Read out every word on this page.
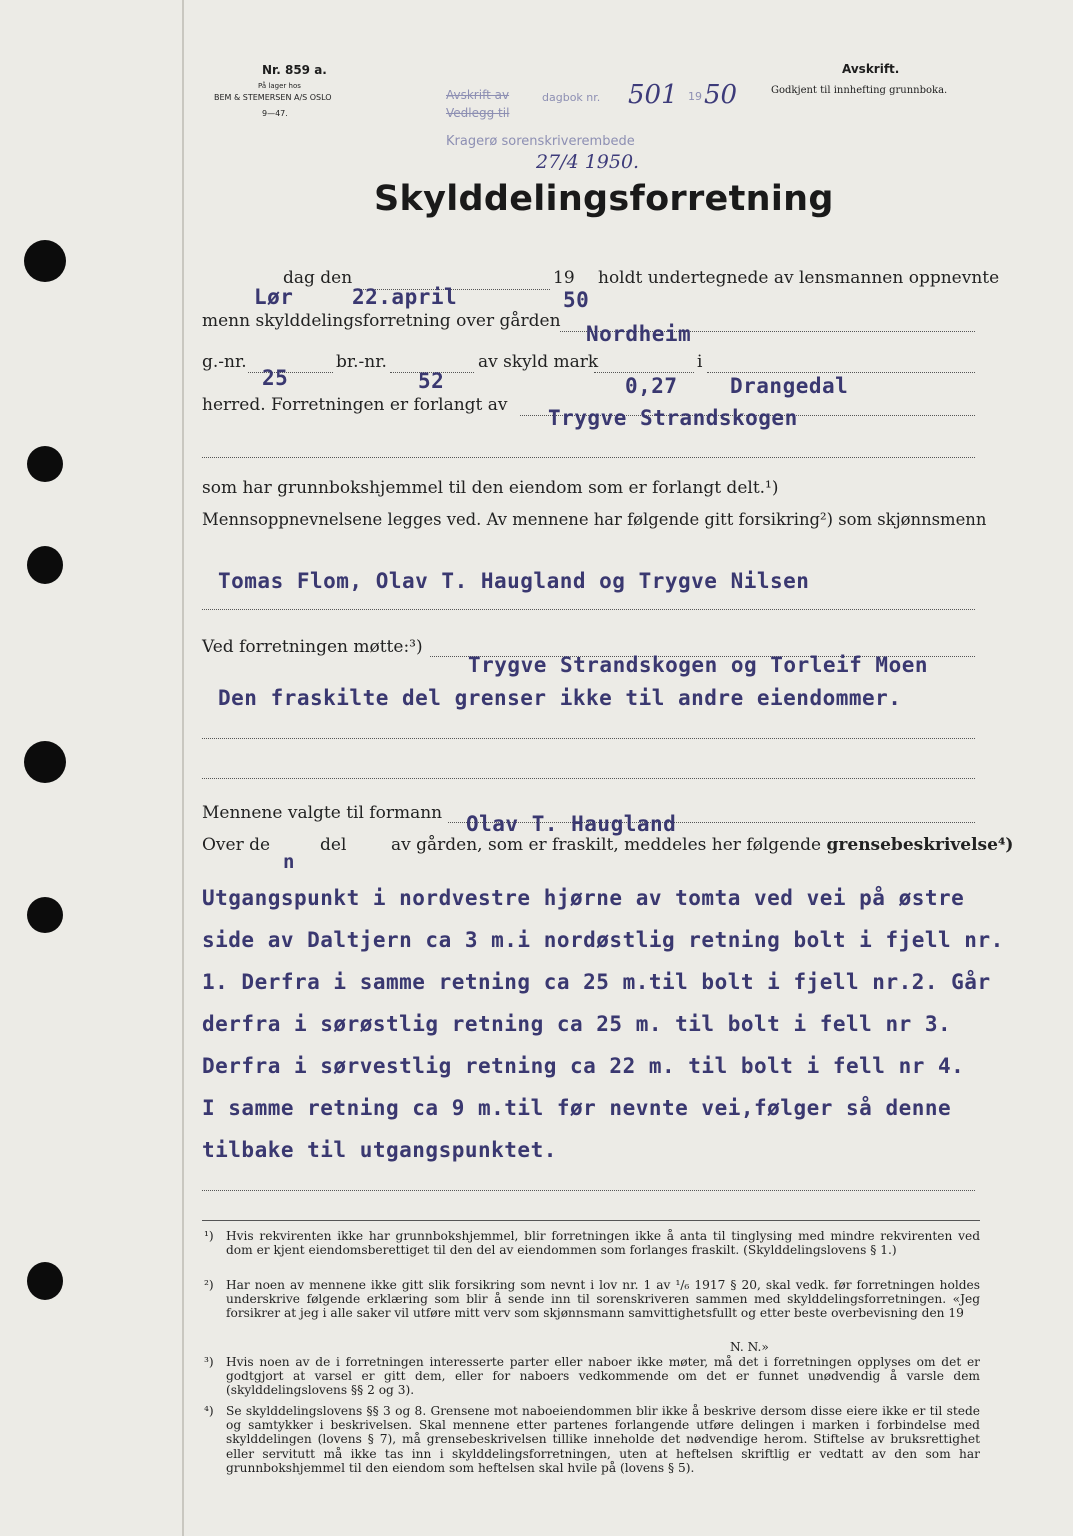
Nr. 859 a.
På lager hos
BEM & STEMERSEN A/S OSLO
9—47.
Avskrift av	dagbok nr.
Vedlegg til
Kragerø sorenskriverembede
501 19 50
27/4 1950.
Avskrift.
Godkjent til innhefting grunnboka.
Skylddelingsforretning
dag den	19 holdt undertegnede av lensmannen oppnevnte
Lør	22.april	50
menn skylddelingsforretning over gården
Nordheim
g.-nr.	br.-nr.	av skyld mark	i
25	52	0,27 Drangedal
herred. Forretningen er forlangt av
Trygve Strandskogen
som har grunnbokshjemmel til den eiendom som er forlangt delt.¹)
Mennsoppnevnelsene legges ved. Av mennene har følgende gitt forsikring²) som skjønnsmenn
Tomas Flom, Olav T. Haugland og Trygve Nilsen
Ved forretningen møtte:³)
Trygve Strandskogen og Torleif Moen
Den fraskilte del grenser ikke til andre eiendommer.
Mennene valgte til formann Olav T. Haugland
Over de
n
del	av gården, som er fraskilt, meddeles her følgende grensebeskrivelse⁴)
Utgangspunkt i nordvestre hjørne av tomta ved vei på østre
side av Daltjern ca 3 m.i nordøstlig retning bolt i fjell nr.
1. Derfra i samme retning ca 25 m.til bolt i fjell nr.2. Går
derfra i sørøstlig retning ca 25 m. til bolt i fell nr 3.
Derfra i sørvestlig retning ca 22 m. til bolt i fell nr 4.
I samme retning ca 9 m.til før nevnte vei,følger så denne
tilbake til utgangspunktet.
¹) Hvis rekvirenten ikke har grunnbokshjemmel, blir forretningen ikke å anta til tinglysing med mindre rekvirenten ved dom er kjent eiendomsberettiget til den del av eiendommen som forlanges fraskilt. (Skylddelingslovens § 1.)
²) Har noen av mennene ikke gitt slik forsikring som nevnt i lov nr. 1 av ¹/₆ 1917 § 20, skal vedk. før forretningen holdes underskrive følgende erklæring som blir å sende inn til sorenskriveren sammen med skylddelingsforretningen. «Jeg forsikrer at jeg i alle saker vil utføre mitt verv som skjønnsmann samvittighetsfullt og etter beste overbevisning den 19
N. N.»
³) Hvis noen av de i forretningen interesserte parter eller naboer ikke møter, må det i forretningen opplyses om det er godtgjort at varsel er gitt dem, eller for naboers vedkommende om det er funnet unødvendig å varsle dem (skylddelingslovens §§ 2 og 3).
⁴) Se skylddelingslovens §§ 3 og 8. Grensene mot naboeiendommen blir ikke å beskrive dersom disse eiere ikke er til stede og samtykker i beskrivelsen. Skal mennene etter partenes forlangende utføre delingen i marken i forbindelse med skylddelingen (lovens § 7), må grensebeskrivelsen tillike inneholde det nødvendige herom. Stiftelse av bruksrettighet eller servitutt må ikke tas inn i skylddelingsforretningen, uten at heftelsen skriftlig er vedtatt av den som har grunnbokshjemmel til den eiendom som heftelsen skal hvile på (lovens § 5).
